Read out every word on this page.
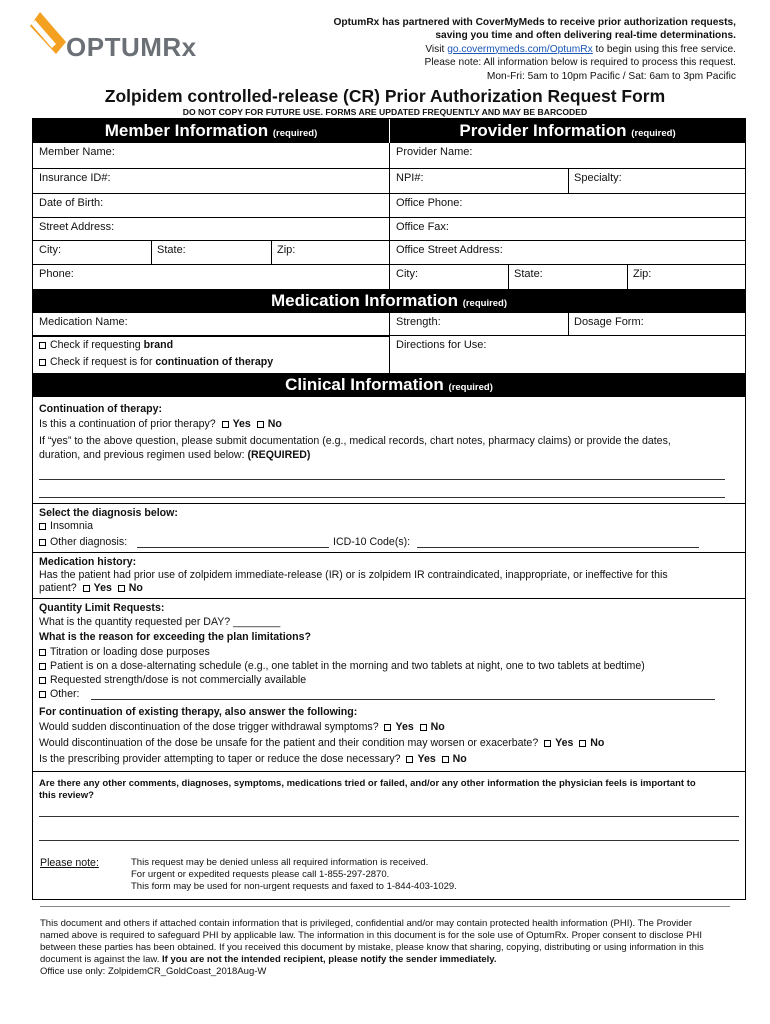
OPTUMRx
OptumRx has partnered with CoverMyMeds to receive prior authorization requests,
saving you time and often delivering real-time determinations.
Visit go.covermymeds.com/OptumRx to begin using this free service.
Please note: All information below is required to process this request.
Mon-Fri: 5am to 10pm Pacific / Sat: 6am to 3pm Pacific
Zolpidem controlled-release (CR) Prior Authorization Request Form
DO NOT COPY FOR FUTURE USE. FORMS ARE UPDATED FREQUENTLY AND MAY BE BARCODED
Member Information (required)	Provider Information (required)
Member Name:
Insurance ID#:
Date of Birth:
Street Address:
City:	State:	Zip:
Phone:
Provider Name:
NPI#:	Specialty:
Office Phone:
Office Fax:
Office Street Address:
City:	State:	Zip:
Medication Information (required)
Medication Name:	Strength:	Dosage Form:
Check if requesting brand
Check if request is for continuation of therapy
Directions for Use:
Clinical Information (required)
Continuation of therapy:
Is this a continuation of prior therapy? Yes No
If “yes” to the above question, please submit documentation (e.g., medical records, chart notes, pharmacy claims) or provide the dates,
duration, and previous regimen used below: (REQUIRED)
Select the diagnosis below:
Insomnia
Other diagnosis:	ICD-10 Code(s):
Medication history:
Has the patient had prior use of zolpidem immediate-release (IR) or is zolpidem IR contraindicated, inappropriate, or ineffective for this
patient? Yes No
Quantity Limit Requests:
What is the quantity requested per DAY? ________
What is the reason for exceeding the plan limitations?
Titration or loading dose purposes
Patient is on a dose-alternating schedule (e.g., one tablet in the morning and two tablets at night, one to two tablets at bedtime)
Requested strength/dose is not commercially available
Other:
For continuation of existing therapy, also answer the following:
Would sudden discontinuation of the dose trigger withdrawal symptoms? Yes No
Would discontinuation of the dose be unsafe for the patient and their condition may worsen or exacerbate? Yes No
Is the prescribing provider attempting to taper or reduce the dose necessary? Yes No
Are there any other comments, diagnoses, symptoms, medications tried or failed, and/or any other information the physician feels is important to
this review?
Please note:	This request may be denied unless all required information is received.
For urgent or expedited requests please call 1-855-297-2870.
This form may be used for non-urgent requests and faxed to 1-844-403-1029.
This document and others if attached contain information that is privileged, confidential and/or may contain protected health information (PHI). The Provider
named above is required to safeguard PHI by applicable law. The information in this document is for the sole use of OptumRx. Proper consent to disclose PHI
between these parties has been obtained. If you received this document by mistake, please know that sharing, copying, distributing or using information in this
document is against the law. If you are not the intended recipient, please notify the sender immediately.
Office use only: ZolpidemCR_GoldCoast_2018Aug-W
